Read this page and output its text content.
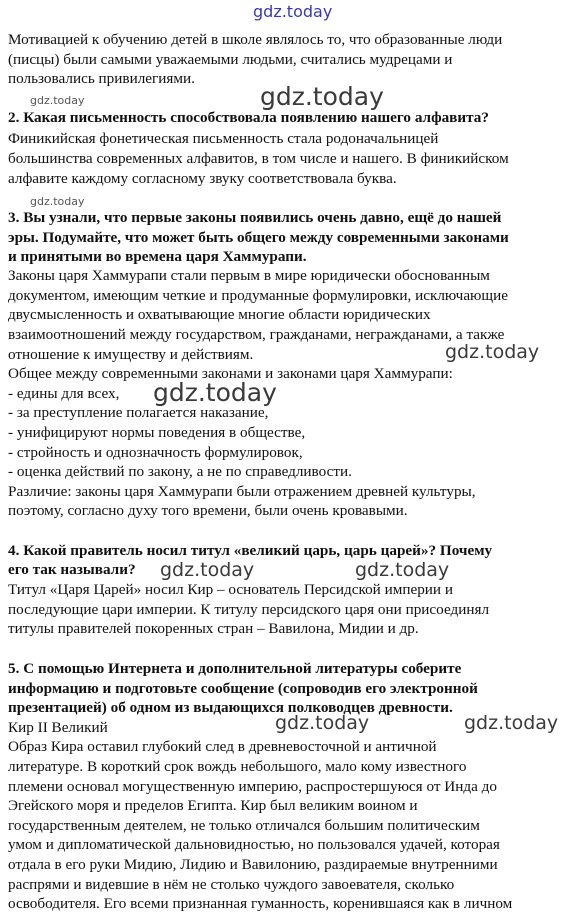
gdz.today
gdz.today	gdz.today
gdz.today
gdz.today
gdz.today
gdz.today	gdz.today
gdz.today	gdz.today
Мотивацией к обучению детей в школе являлось то, что образованные люди
(писцы) были самыми уважаемыми людьми, считались мудрецами и
пользовались привилегиями.
2. Какая письменность способствовала появлению нашего алфавита?
Финикийская фонетическая письменность стала родоначальницей
большинства современных алфавитов, в том числе и нашего. В финикийском
алфавите каждому согласному звуку соответствовала буква.
3. Вы узнали, что первые законы появились очень давно, ещё до нашей
эры. Подумайте, что может быть общего между современными законами
и принятыми во времена царя Хаммурапи.
Законы царя Хаммурапи стали первым в мире юридически обоснованным
документом, имеющим четкие и продуманные формулировки, исключающие
двусмысленность и охватывающие многие области юридических
взаимоотношений между государством, гражданами, негражданами, а также
отношение к имуществу и действиям.
Общее между современными законами и законами царя Хаммурапи:
- едины для всех,
- за преступление полагается наказание,
- унифицируют нормы поведения в обществе,
- стройность и однозначность формулировок,
- оценка действий по закону, а не по справедливости.
Различие: законы царя Хаммурапи были отражением древней культуры,
поэтому, согласно духу того времени, были очень кровавыми.
4. Какой правитель носил титул «великий царь, царь царей»? Почему
его так называли?
Титул «Царя Царей» носил Кир – основатель Персидской империи и
последующие цари империи. К титулу персидского царя они присоединял
титулы правителей покоренных стран – Вавилона, Мидии и др.
5. С помощью Интернета и дополнительной литературы соберите
информацию и подготовьте сообщение (сопроводив его электронной
презентацией) об одном из выдающихся полководцев древности.
Кир II Великий
Образ Кира оставил глубокий след в древневосточной и античной
литературе. В короткий срок вождь небольшого, мало кому известного
племени основал могущественную империю, распростершуюся от Инда до
Эгейского моря и пределов Египта. Кир был великим воином и
государственным деятелем, не только отличался большим политическим
умом и дипломатической дальновидностью, но пользовался удачей, которая
отдала в его руки Мидию, Лидию и Вавилонию, раздираемые внутренними
распрями и видевшие в нём не столько чуждого завоевателя, сколько
освободителя. Его всеми признанная гуманность, коренившаяся как в личном
